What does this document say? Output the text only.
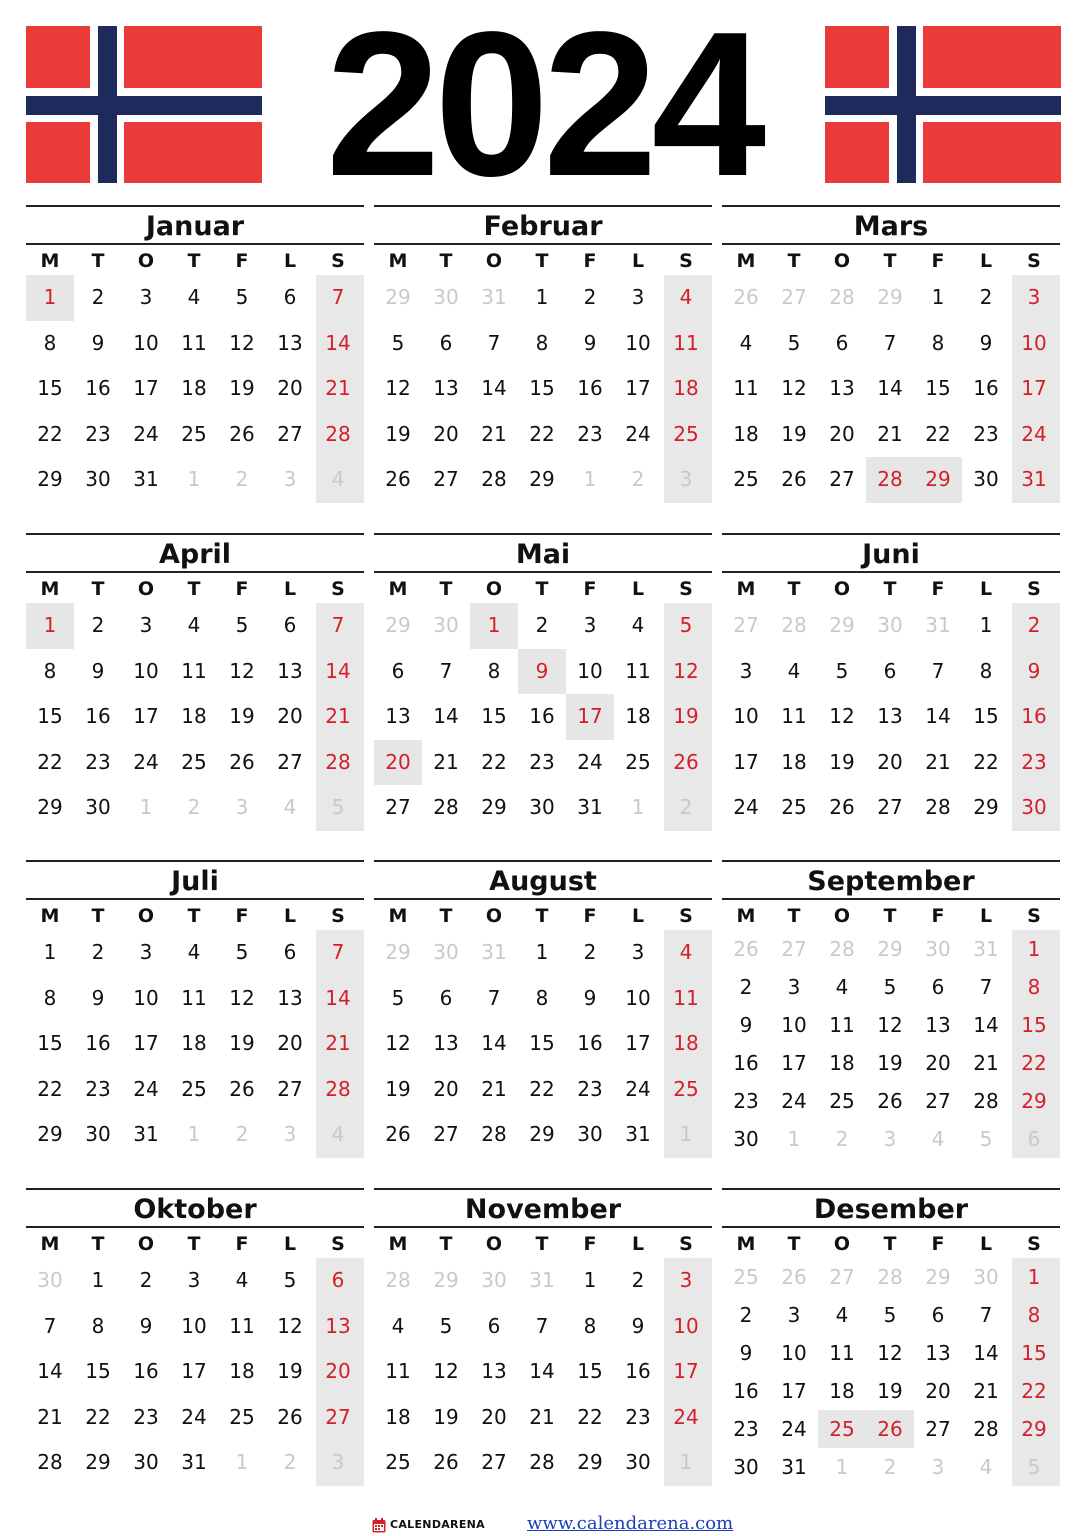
2024
Januar
M	T	O	T	F	L	S
1	2	3	4	5	6	7
8	9	10	11	12	13	14
15	16	17	18	19	20	21
22	23	24	25	26	27	28
29	30	31	1	2	3	4
Februar
M	T	O	T	F	L	S
29	30	31	1	2	3	4
5	6	7	8	9	10	11
12	13	14	15	16	17	18
19	20	21	22	23	24	25
26	27	28	29	1	2	3
Mars
M	T	O	T	F	L	S
26	27	28	29	1	2	3
4	5	6	7	8	9	10
11	12	13	14	15	16	17
18	19	20	21	22	23	24
25	26	27	28	29	30	31
April
M	T	O	T	F	L	S
1	2	3	4	5	6	7
8	9	10	11	12	13	14
15	16	17	18	19	20	21
22	23	24	25	26	27	28
29	30	1	2	3	4	5
Mai
M	T	O	T	F	L	S
29	30	1	2	3	4	5
6	7	8	9	10	11	12
13	14	15	16	17	18	19
20	21	22	23	24	25	26
27	28	29	30	31	1	2
Juni
M	T	O	T	F	L	S
27	28	29	30	31	1	2
3	4	5	6	7	8	9
10	11	12	13	14	15	16
17	18	19	20	21	22	23
24	25	26	27	28	29	30
Juli
M	T	O	T	F	L	S
1	2	3	4	5	6	7
8	9	10	11	12	13	14
15	16	17	18	19	20	21
22	23	24	25	26	27	28
29	30	31	1	2	3	4
August
M	T	O	T	F	L	S
29	30	31	1	2	3	4
5	6	7	8	9	10	11
12	13	14	15	16	17	18
19	20	21	22	23	24	25
26	27	28	29	30	31	1
September
M	T	O	T	F	L	S
26	27	28	29	30	31	1
2	3	4	5	6	7	8
9	10	11	12	13	14	15
16	17	18	19	20	21	22
23	24	25	26	27	28	29
30	1	2	3	4	5	6
Oktober
M	T	O	T	F	L	S
30	1	2	3	4	5	6
7	8	9	10	11	12	13
14	15	16	17	18	19	20
21	22	23	24	25	26	27
28	29	30	31	1	2	3
November
M	T	O	T	F	L	S
28	29	30	31	1	2	3
4	5	6	7	8	9	10
11	12	13	14	15	16	17
18	19	20	21	22	23	24
25	26	27	28	29	30	1
Desember
M	T	O	T	F	L	S
25	26	27	28	29	30	1
2	3	4	5	6	7	8
9	10	11	12	13	14	15
16	17	18	19	20	21	22
23	24	25	26	27	28	29
30	31	1	2	3	4	5
CALENDARENA www.calendarena.com
